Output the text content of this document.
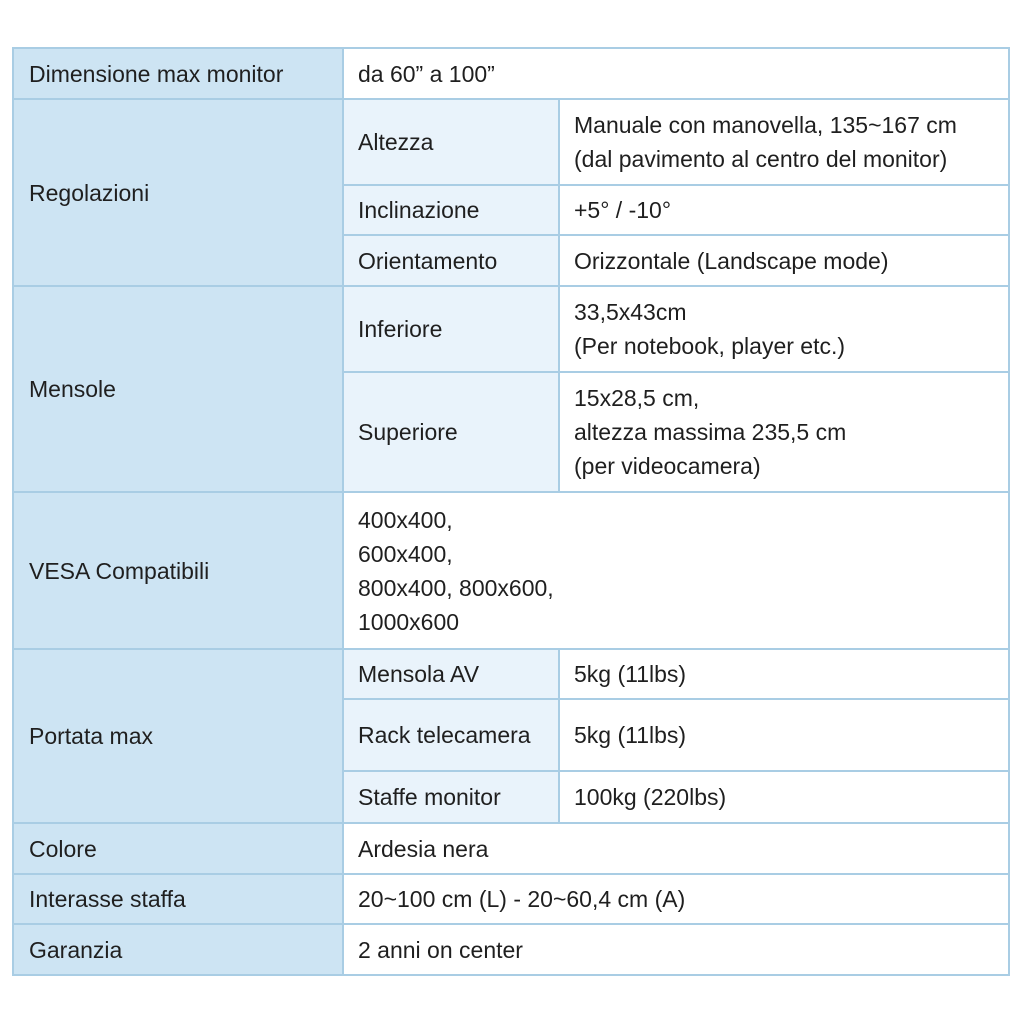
Dimensione max monitor	da 60” a 100”	
Regolazioni	Altezza	Manuale con manovella, 135~167 cm
(dal pavimento al centro del monitor)
	Inclinazione	+5° / -10°
	Orientamento	Orizzontale (Landscape mode)
Mensole	Inferiore	33,5x43cm
(Per notebook, player etc.)
	Superiore	15x28,5 cm,
altezza massima 235,5 cm
(per videocamera)
VESA Compatibili	400x400,
600x400,
800x400, 800x600,
1000x600	
Portata max	Mensola AV	5kg (11lbs)
	Rack telecamera	5kg (11lbs)
	Staffe monitor	100kg (220lbs)
Colore	Ardesia nera	
Interasse staffa	20~100 cm (L) - 20~60,4 cm (A)	
Garanzia	2 anni on center	
